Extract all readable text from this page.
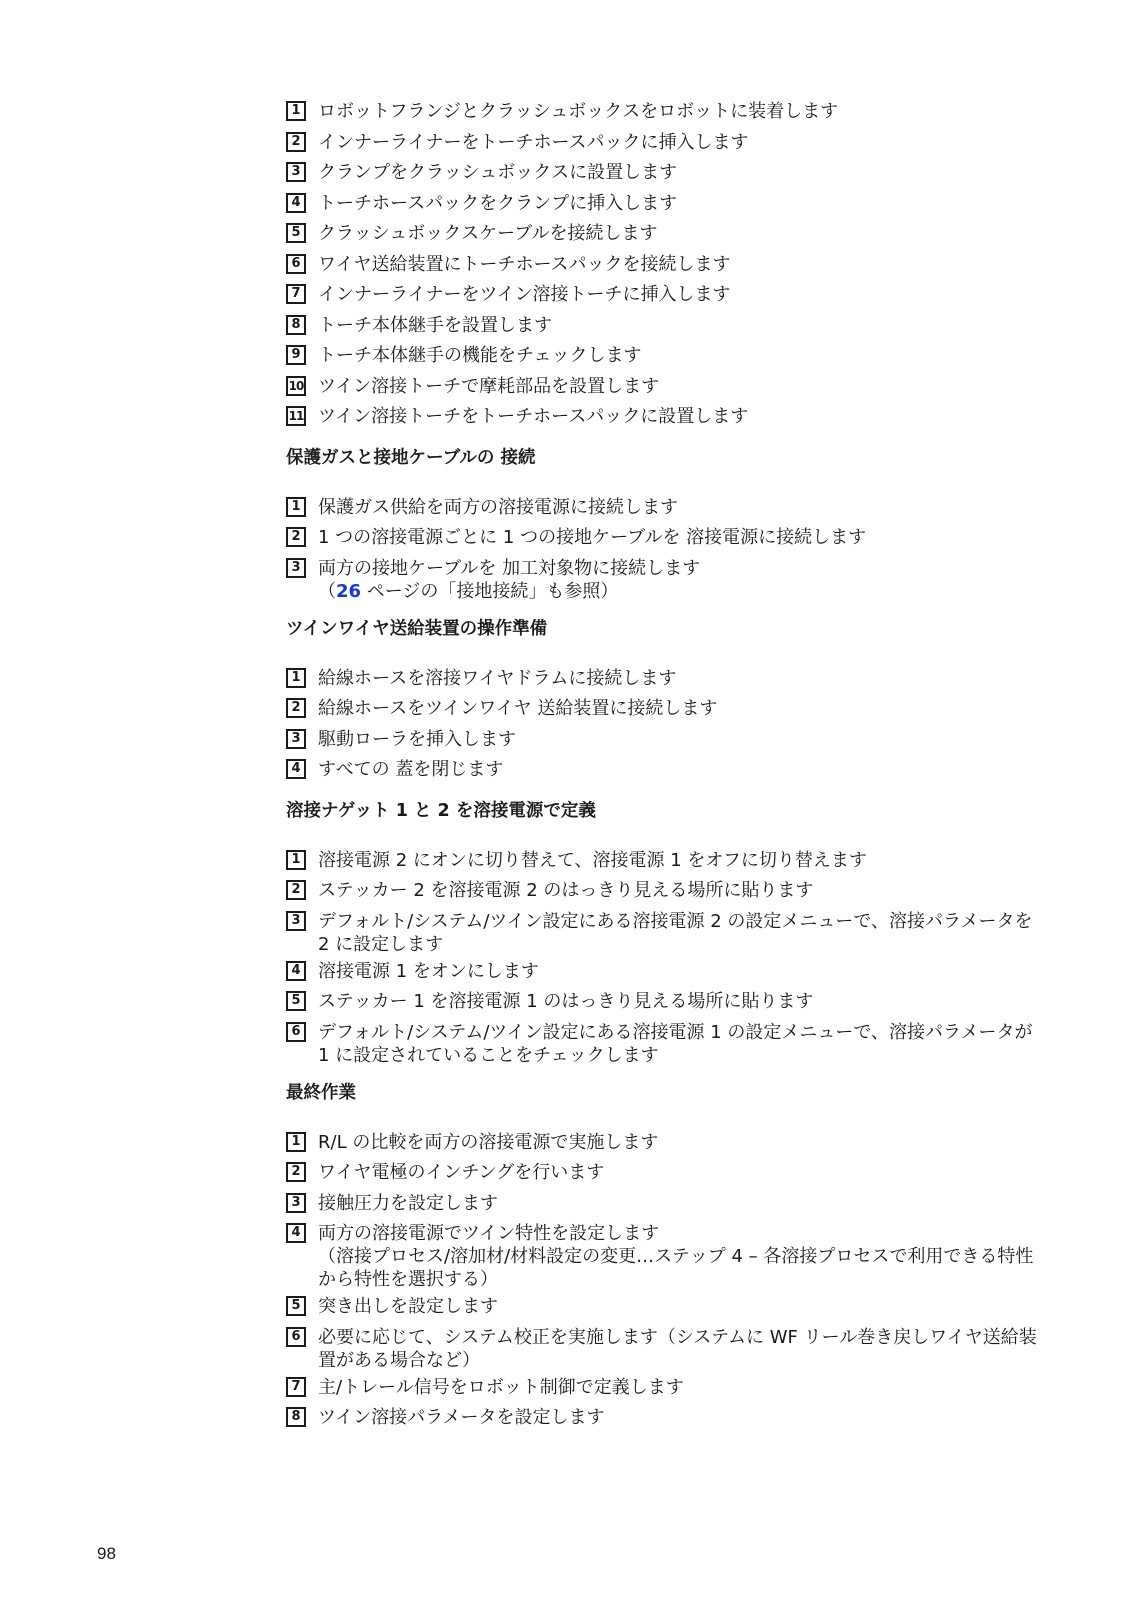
1 ロボットフランジとクラッシュボックスをロボットに装着します
2 インナーライナーをトーチホースパックに挿入します
3 クランプをクラッシュボックスに設置します
4 トーチホースパックをクランプに挿入します
5 クラッシュボックスケーブルを接続します
6 ワイヤ送給装置にトーチホースパックを接続します
7 インナーライナーをツイン溶接トーチに挿入します
8 トーチ本体継手を設置します
9 トーチ本体継手の機能をチェックします
10 ツイン溶接トーチで摩耗部品を設置します
11 ツイン溶接トーチをトーチホースパックに設置します
保護ガスと接地ケーブルの 接続
1 保護ガス供給を両方の溶接電源に接続します
2 1 つの溶接電源ごとに 1 つの接地ケーブルを 溶接電源に接続します
3 両方の接地ケーブルを 加工対象物に接続します
（26 ページの「接地接続」も参照）
ツインワイヤ送給装置の操作準備
1 給線ホースを溶接ワイヤドラムに接続します
2 給線ホースをツインワイヤ 送給装置に接続します
3 駆動ローラを挿入します
4 すべての 蓋を閉じます
溶接ナゲット 1 と 2 を溶接電源で定義
1 溶接電源 2 にオンに切り替えて、溶接電源 1 をオフに切り替えます
2 ステッカー 2 を溶接電源 2 のはっきり見える場所に貼ります
3 デフォルト/システム/ツイン設定にある溶接電源 2 の設定メニューで、溶接パラメータを 2 に設定します
4 溶接電源 1 をオンにします
5 ステッカー 1 を溶接電源 1 のはっきり見える場所に貼ります
6 デフォルト/システム/ツイン設定にある溶接電源 1 の設定メニューで、溶接パラメータが 1 に設定されていることをチェックします
最終作業
1 R/L の比較を両方の溶接電源で実施します
2 ワイヤ電極のインチングを行います
3 接触圧力を設定します
4 両方の溶接電源でツイン特性を設定します
（溶接プロセス/溶加材/材料設定の変更…ステップ 4 – 各溶接プロセスで利用できる特性から特性を選択する）
5 突き出しを設定します
6 必要に応じて、システム校正を実施します（システムに WF リール巻き戻しワイヤ送給装置がある場合など）
7 主/トレール信号をロボット制御で定義します
8 ツイン溶接パラメータを設定します
98
